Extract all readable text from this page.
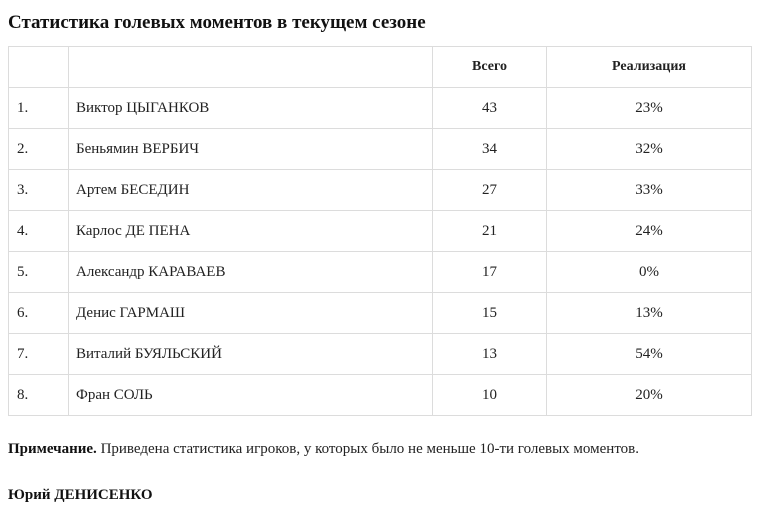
Статистика голевых моментов в текущем сезоне
		Всего	Реализация
1.	Виктор ЦЫГАНКОВ	43	23%
2.	Беньямин ВЕРБИЧ	34	32%
3.	Артем БЕСЕДИН	27	33%
4.	Карлос ДЕ ПЕНА	21	24%
5.	Александр КАРАВАЕВ	17	0%
6.	Денис ГАРМАШ	15	13%
7.	Виталий БУЯЛЬСКИЙ	13	54%
8.	Фран СОЛЬ	10	20%

Примечание. Приведена статистика игроков, у которых было не меньше 10-ти голевых моментов.

Юрий ДЕНИСЕНКО
